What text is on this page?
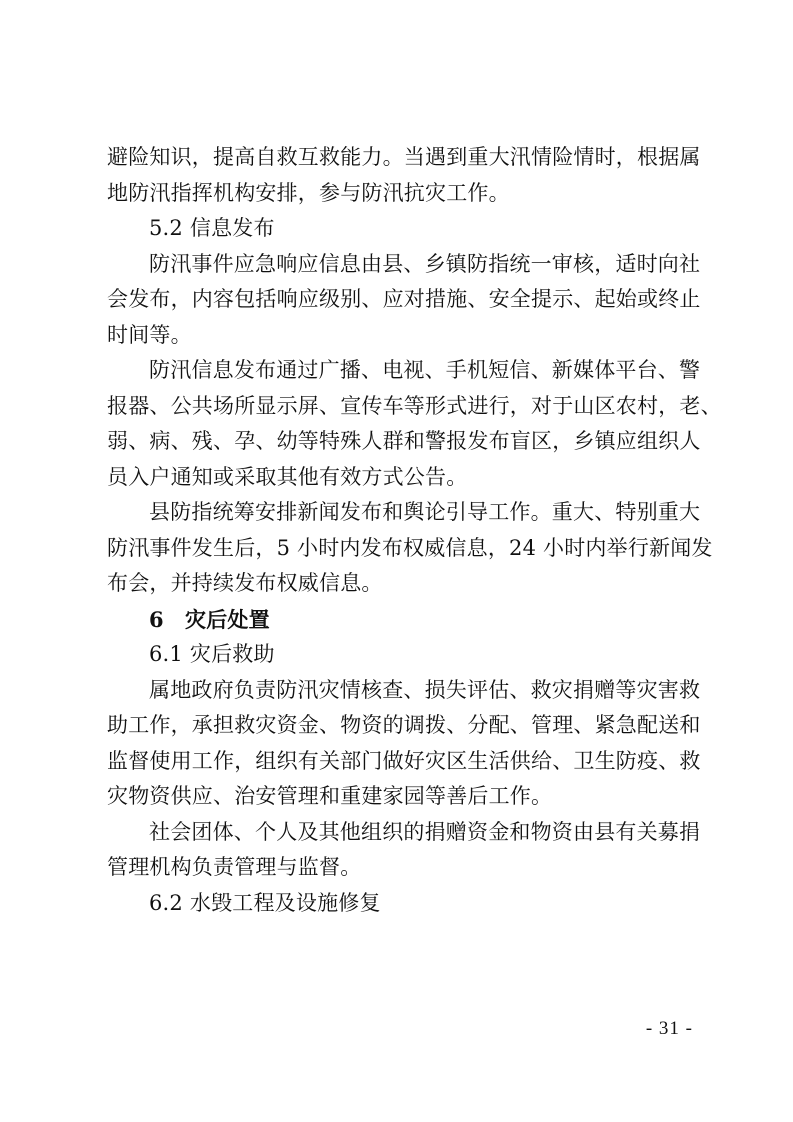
避险知识，提高自救互救能力。当遇到重大汛情险情时，根据属
地防汛指挥机构安排，参与防汛抗灾工作。
5.2 信息发布
防汛事件应急响应信息由县、乡镇防指统一审核，适时向社
会发布，内容包括响应级别、应对措施、安全提示、起始或终止
时间等。
防汛信息发布通过广播、电视、手机短信、新媒体平台、警
报器、公共场所显示屏、宣传车等形式进行，对于山区农村，老、
弱、病、残、孕、幼等特殊人群和警报发布盲区，乡镇应组织人
员入户通知或采取其他有效方式公告。
县防指统筹安排新闻发布和舆论引导工作。重大、特别重大
防汛事件发生后，5 小时内发布权威信息，24 小时内举行新闻发
布会，并持续发布权威信息。
6　灾后处置
6.1 灾后救助
属地政府负责防汛灾情核查、损失评估、救灾捐赠等灾害救
助工作，承担救灾资金、物资的调拨、分配、管理、紧急配送和
监督使用工作，组织有关部门做好灾区生活供给、卫生防疫、救
灾物资供应、治安管理和重建家园等善后工作。
社会团体、个人及其他组织的捐赠资金和物资由县有关募捐
管理机构负责管理与监督。
6.2 水毁工程及设施修复
- 31 -
